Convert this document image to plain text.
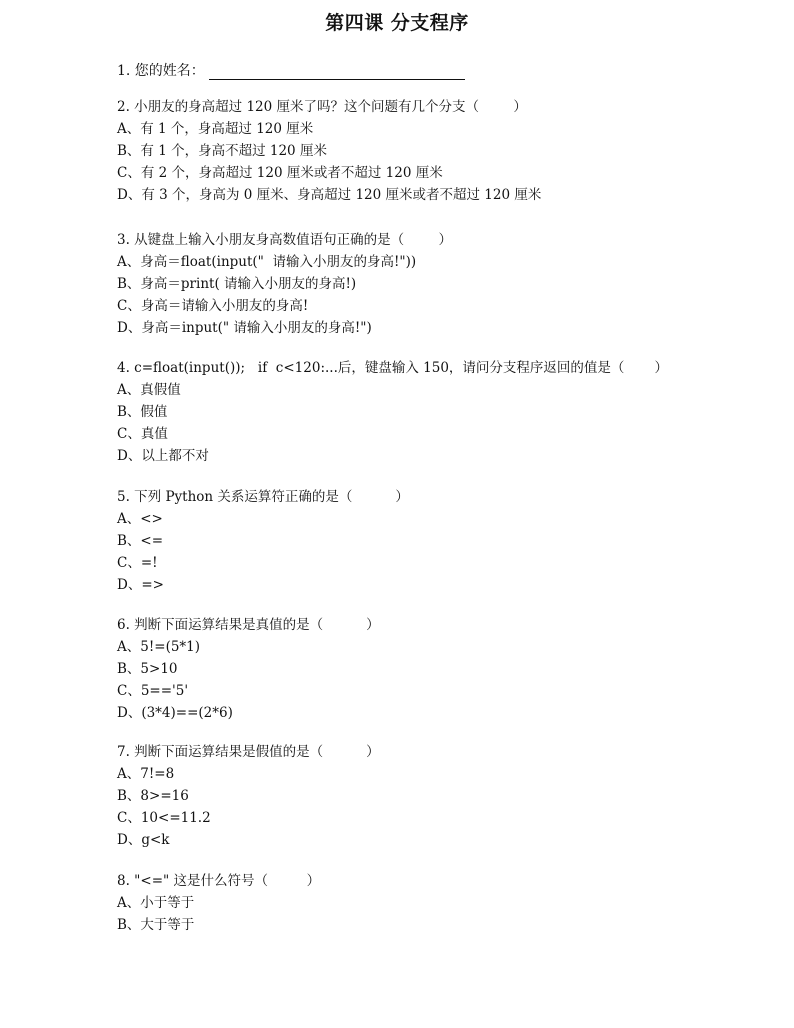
第四课 分支程序
1. 您的姓名：
2. 小朋友的身高超过 120 厘米了吗？这个问题有几个分支（        ）
A、有 1 个，身高超过 120 厘米
B、有 1 个，身高不超过 120 厘米
C、有 2 个，身高超过 120 厘米或者不超过 120 厘米
D、有 3 个，身高为 0 厘米、身高超过 120 厘米或者不超过 120 厘米
3. 从键盘上输入小朋友身高数值语句正确的是（        ）
A、身高＝float(input("  请输入小朋友的身高!"))
B、身高＝print( 请输入小朋友的身高!)
C、身高＝请输入小朋友的身高!
D、身高＝input(" 请输入小朋友的身高!")
4. c=float(input());   if  c<120:...后，键盘输入 150，请问分支程序返回的值是（       ）
A、真假值
B、假值
C、真值
D、以上都不对
5. 下列 Python 关系运算符正确的是（          ）
A、<>
B、<=
C、=!
D、=>
6. 判断下面运算结果是真值的是（          ）
A、5!=(5*1)
B、5>10
C、5=='5'
D、(3*4)==(2*6)
7. 判断下面运算结果是假值的是（          ）
A、7!=8
B、8>=16
C、10<=11.2
D、g<k
8. "<=" 这是什么符号（         ）
A、小于等于
B、大于等于
